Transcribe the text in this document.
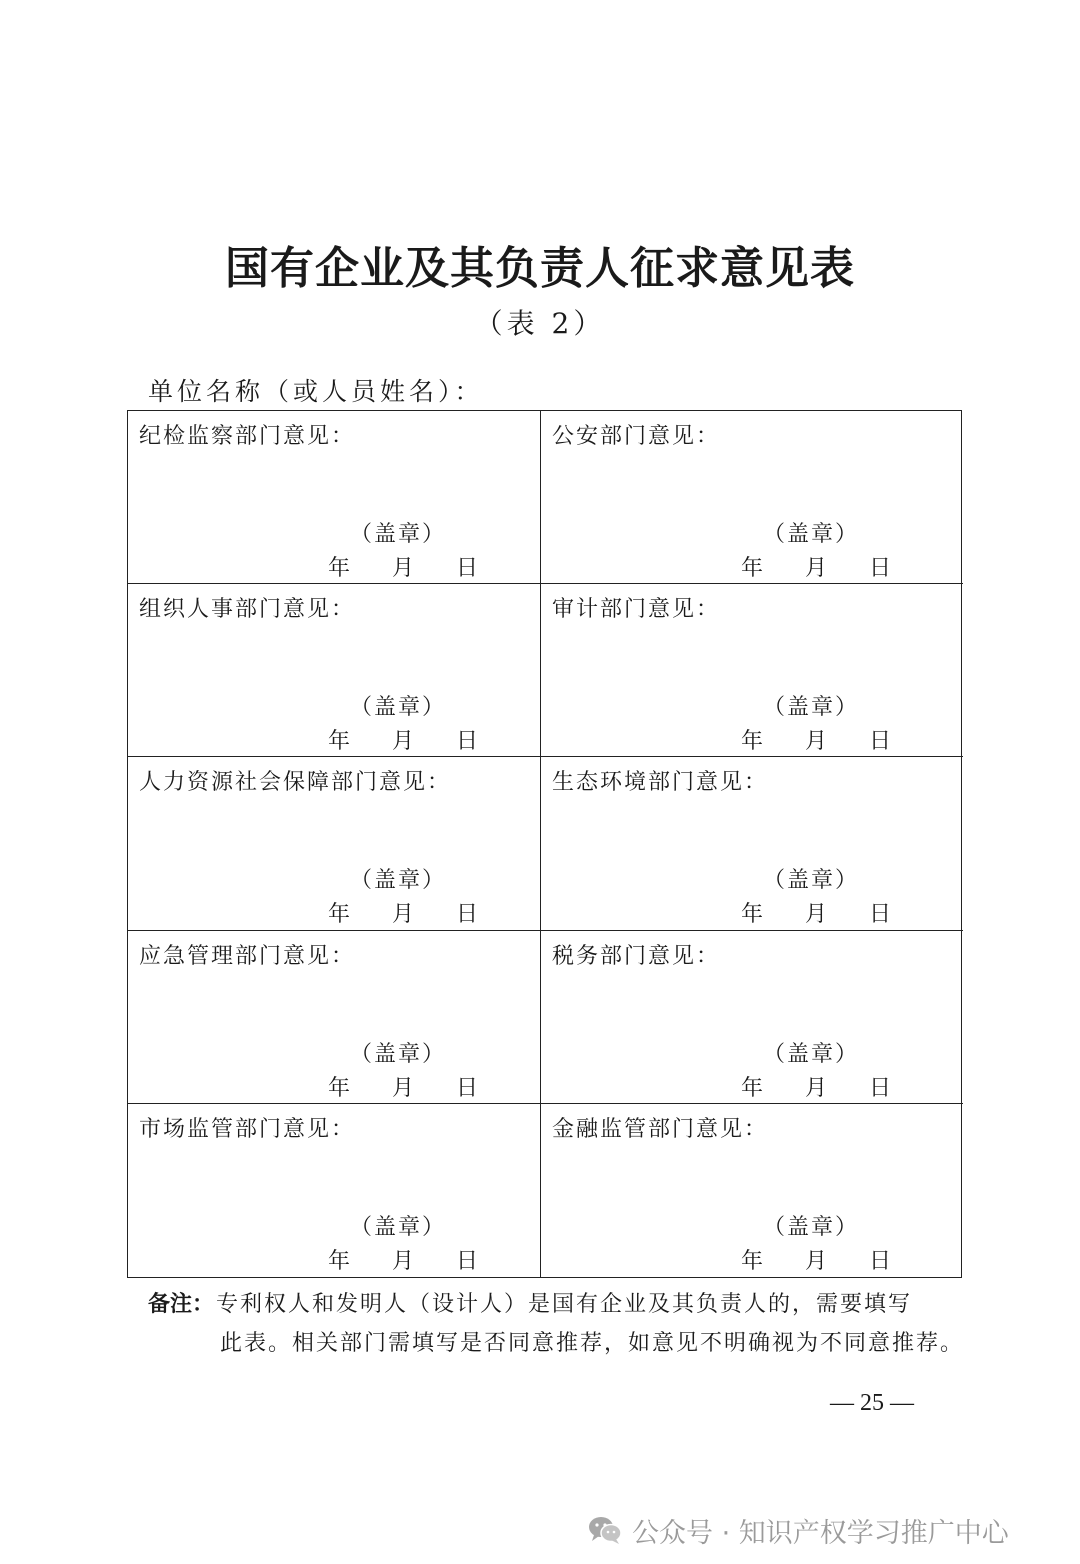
国有企业及其负责人征求意见表
（表 2）
单位名称（或人员姓名）：
纪检监察部门意见：
（盖章）
年 月 日
公安部门意见：
（盖章）
年 月 日
组织人事部门意见：
（盖章）
年 月 日
审计部门意见：
（盖章）
年 月 日
人力资源社会保障部门意见：
（盖章）
年 月 日
生态环境部门意见：
（盖章）
年 月 日
应急管理部门意见：
（盖章）
年 月 日
税务部门意见：
（盖章）
年 月 日
市场监管部门意见：
（盖章）
年 月 日
金融监管部门意见：
（盖章）
年 月 日
备注： 专利权人和发明人（设计人）是国有企业及其负责人的，需要填写
此表。相关部门需填写是否同意推荐，如意见不明确视为不同意推荐。
— 25 —
公众号 · 知识产权学习推广中心
